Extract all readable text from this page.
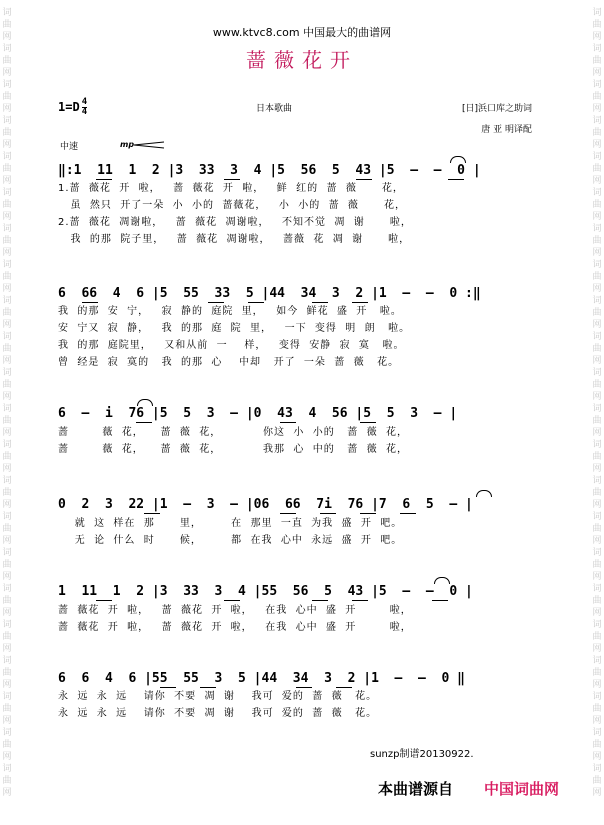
词
曲
网
词
曲
网
词
曲
网
词
曲
网
词
曲
网
词
曲
网
词
曲
网
词
曲
网
词
曲
网
词
曲
网
词
曲
网
词
曲
网
词
曲
网
词
曲
网
词
曲
网
词
曲
网
词
曲
网
词
曲
网
词
曲
网
词
曲
网
词
曲
网
词
曲
网
词
曲
网
词
曲
网
词
曲
网
词
曲
网
词
曲
网
词
曲
网
词
曲
网
词
曲
网
词
曲
网
词
曲
网
词
曲
网
词
曲
网
词
曲
网
词
曲
网
词
曲
网
词
曲
网
词
曲
网
词
曲
网
词
曲
网
词
曲
网
词
曲
网
词
曲
网
www.ktvc8.com 中国最大的曲谱网
蔷薇花开
$1=D \frac{4}{4}$	日本歌曲	[日]浜口库之助词
唐 亚 明译配
中速	mp

‖:1  11  1  2 |3  33  3  4 |5  56  5  43 |5  –  –  0 |

1.蔷  薇花  开  啦，   蔷  薇花  开  啦，   鲜  红的  蔷  薇      花，
虽  然只  开了一朵  小  小的  蔷薇花，   小  小的  蔷  薇      花，
2.蔷  薇花  凋谢啦，   蔷  薇花  凋谢啦，   不知不觉  凋  谢      啦，
我  的那  院子里，   蔷  薇花  凋谢啦，   蔷薇  花  凋  谢      啦，

6  66  4  6 |5  55  33  5 |44  34  3  2 |1  –  –  0 :‖

我  的那  安  宁，   寂  静的  庭院  里，   如今  鲜花  盛  开   啦。
安  宁又  寂  静，   我  的那  庭  院  里，   一下  变得  明  朗   啦。
我  的那  庭院里，   又和从前  一    样，   变得  安静  寂  寞   啦。
曾  经是  寂  寞的   我  的那  心    中却   开了  一朵  蔷  薇   花。

6  –  i  76 |5  5  3  – |0  43  4  56 |5  5  3  – |

蔷        薇  花，    蔷  薇  花，          你这  小  小的   蔷  薇  花，
蔷        薇  花，    蔷  薇  花，          我那  心  中的   蔷  薇  花，

0  2  3  22 |1  –  3  – |06  66  7i  76 |7  6  5  – |

就  这  样在  那      里，       在  那里  一直  为我  盛  开  吧。
无  论  什么  时      候，       都  在我  心中  永远  盛  开  吧。

1  11  1  2 |3  33  3  4 |55  56  5  43 |5  –  –  0 |

蔷  薇花  开  啦，   蔷  薇花  开  啦，   在我  心中  盛  开        啦，
蔷  薇花  开  啦，   蔷  薇花  开  啦，   在我  心中  盛  开        啦，

6  6  4  6 |55  55  3  5 |44  34  3  2 |1  –  –  0 ‖

永  远  永  远    请你  不要  凋  谢    我可  爱的  蔷  薇   花。
永  远  永  远    请你  不要  凋  谢    我可  爱的  蔷  薇   花。
sunzp制谱20130922.
本曲谱源自 中国词曲网
